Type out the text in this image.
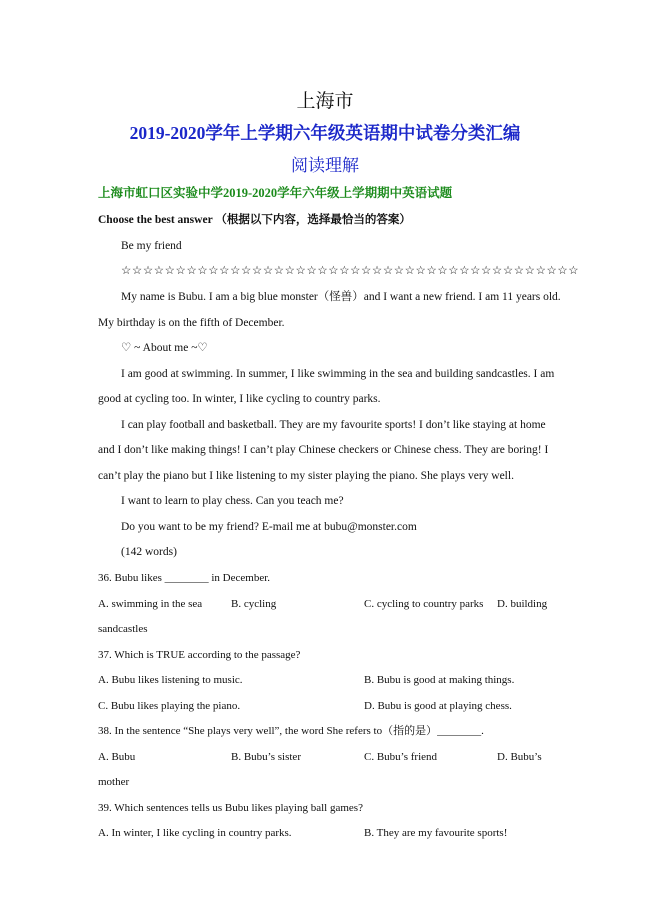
上海市
2019-2020学年上学期六年级英语期中试卷分类汇编
阅读理解
上海市虹口区实验中学2019-2020学年六年级上学期期中英语试题
Choose the best answer （根据以下内容，选择最恰当的答案）
Be my friend
☆☆☆☆☆☆☆☆☆☆☆☆☆☆☆☆☆☆☆☆☆☆☆☆☆☆☆☆☆☆☆☆☆☆☆☆☆☆☆☆☆☆
My name is Bubu. I am a big blue monster（怪兽）and I want a new friend. I am 11 years old.
My birthday is on the fifth of December.
♡ ~ About me ~♡
I am good at swimming. In summer, I like swimming in the sea and building sandcastles. I am
good at cycling too. In winter, I like cycling to country parks.
I can play football and basketball. They are my favourite sports! I don’t like staying at home
and I don’t like making things! I can’t play Chinese checkers or Chinese chess. They are boring! I
can’t play the piano but I like listening to my sister playing the piano. She plays very well.
I want to learn to play chess. Can you teach me?
Do you want to be my friend? E-mail me at bubu@monster.com
(142 words)
36. Bubu likes ________ in December.
A. swimming in the sea	B. cycling	C. cycling to country parks D. building
sandcastles
37. Which is TRUE according to the passage?
A. Bubu likes listening to music.	B. Bubu is good at making things.
C. Bubu likes playing the piano.	D. Bubu is good at playing chess.
38. In the sentence “She plays very well”, the word She refers to（指的是）________.
A. Bubu	B. Bubu’s sister	C. Bubu’s friend	D. Bubu’s
mother
39. Which sentences tells us Bubu likes playing ball games?
A. In winter, I like cycling in country parks.	B. They are my favourite sports!
